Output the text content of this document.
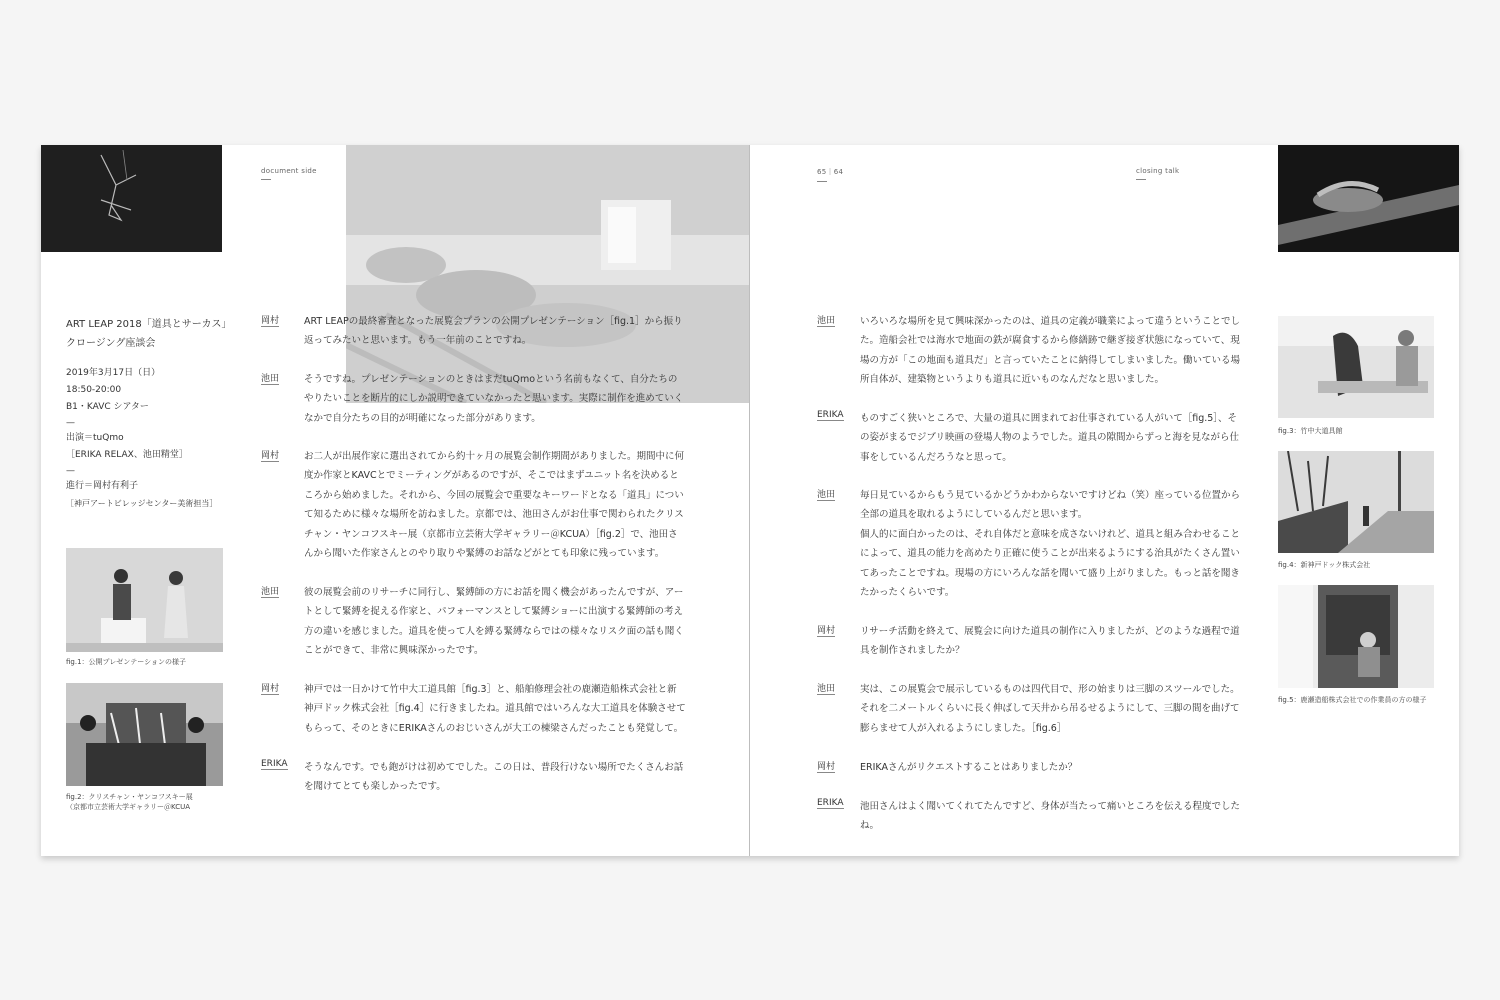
document side
ART LEAP 2018「道具とサーカス」
クロージング座談会
2019年3月17日（日）
18:50-20:00
B1・KAVC シアター
—
出演＝tuQmo
［ERIKA RELAX、池田精堂］
—
進行＝岡村有利子
［神戸アートビレッジセンター美術担当］
fig.1：公開プレゼンテーションの様子
fig.2：クリスチャン・ヤンコフスキー展
（京都市立芸術大学ギャラリー＠KCUA
岡村	ART LEAPの最終審査となった展覧会プランの公開プレゼンテーション［fig.1］から振り返ってみたいと思います。もう一年前のことですね。
池田	そうですね。プレゼンテーションのときはまだtuQmoという名前もなくて、自分たちのやりたいことを断片的にしか説明できていなかったと思います。実際に制作を進めていくなかで自分たちの目的が明確になった部分があります。
岡村	お二人が出展作家に選出されてから約十ヶ月の展覧会制作期間がありました。期間中に何度か作家とKAVCとでミーティングがあるのですが、そこではまずユニット名を決めるところから始めました。それから、今回の展覧会で重要なキーワードとなる「道具」について知るために様々な場所を訪ねました。京都では、池田さんがお仕事で関わられたクリスチャン・ヤンコフスキー展（京都市立芸術大学ギャラリー＠KCUA）［fig.2］で、池田さんから聞いた作家さんとのやり取りや緊縛のお話などがとても印象に残っています。
池田	彼の展覧会前のリサーチに同行し、緊縛師の方にお話を聞く機会があったんですが、アートとして緊縛を捉える作家と、パフォーマンスとして緊縛ショーに出演する緊縛師の考え方の違いを感じました。道具を使って人を縛る緊縛ならではの様々なリスク面の話も聞くことができて、非常に興味深かったです。
岡村	神戸では一日かけて竹中大工道具館［fig.3］と、船舶修理会社の鹿瀬造船株式会社と新神戸ドック株式会社［fig.4］に行きましたね。道具館ではいろんな大工道具を体験させてもらって、そのときにERIKAさんのおじいさんが大工の棟梁さんだったことも発覚して。
ERIKA	そうなんです。でも鉋がけは初めてでした。この日は、普段行けない場所でたくさんお話を聞けてとても楽しかったです。
65｜64	closing talk
池田	いろいろな場所を見て興味深かったのは、道具の定義が職業によって違うということでした。造船会社では海水で地面の鉄が腐食するから修繕跡で継ぎ接ぎ状態になっていて、現場の方が「この地面も道具だ」と言っていたことに納得してしまいました。働いている場所自体が、建築物というよりも道具に近いものなんだなと思いました。
ERIKA	ものすごく狭いところで、大量の道具に囲まれてお仕事されている人がいて［fig.5］、その姿がまるでジブリ映画の登場人物のようでした。道具の隙間からずっと海を見ながら仕事をしているんだろうなと思って。
池田	毎日見ているからもう見ているかどうかわからないですけどね（笑）座っている位置から全部の道具を取れるようにしているんだと思います。
個人的に面白かったのは、それ自体だと意味を成さないけれど、道具と組み合わせることによって、道具の能力を高めたり正確に使うことが出来るようにする治具がたくさん置いてあったことですね。現場の方にいろんな話を聞いて盛り上がりました。もっと話を聞きたかったくらいです。
岡村	リサーチ活動を終えて、展覧会に向けた道具の制作に入りましたが、どのような過程で道具を制作されましたか？
池田	実は、この展覧会で展示しているものは四代目で、形の始まりは三脚のスツールでした。それを二メートルくらいに長く伸ばして天井から吊るせるようにして、三脚の間を曲げて膨らませて人が入れるようにしました。［fig.6］
岡村	ERIKAさんがリクエストすることはありましたか？
ERIKA	池田さんはよく聞いてくれてたんですど、身体が当たって痛いところを伝える程度でしたね。
fig.3：竹中大道具館
fig.4：新神戸ドック株式会社
fig.5：鹿瀬造船株式会社での作業員の方の様子
